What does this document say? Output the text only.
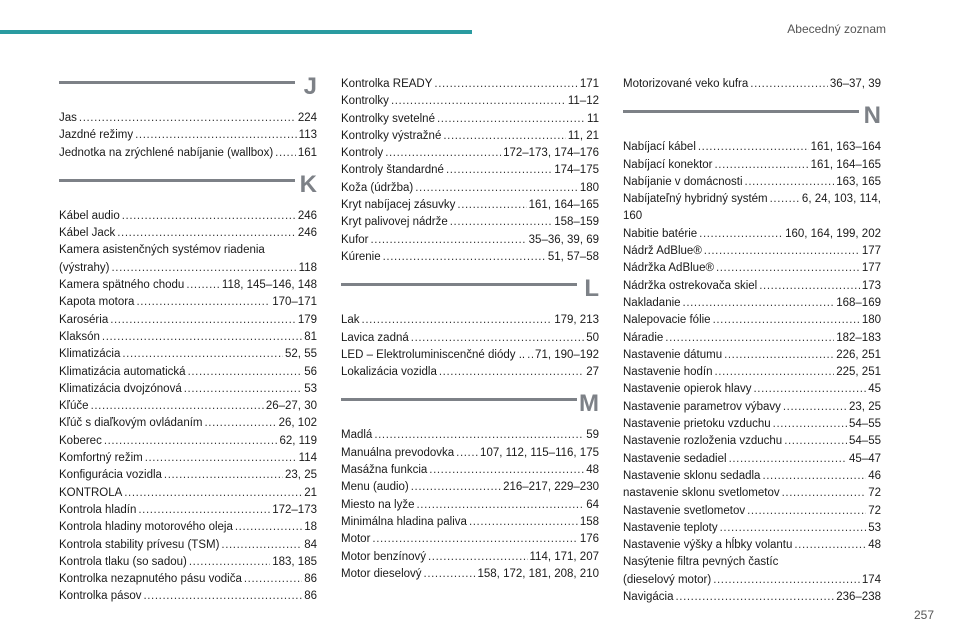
Abecedný zoznam
J
Jas .....	224
Jazdné režimy .....	113
Jednotka na zrýchlené nabíjanie (wallbox) ..... 161
K
Kábel audio .....	246
Kábel Jack .....	246
Kamera asistenčných systémov riadenia
(výstrahy) .....	118
Kamera spätného chodu .....	118, 145–146, 148
Kapota motora .....	170–171
Karoséria .....	179
Klaksón .....	81
Klimatizácia .....	52, 55
Klimatizácia automatická .....	56
Klimatizácia dvojzónová .....	53
Kľúče .....	26–27, 30
Kľúč s diaľkovým ovládaním .....	26, 102
Koberec .....	62, 119
Komfortný režim .....	114
Konfigurácia vozidla .....	23, 25
KONTROLA .....	21
Kontrola hladín .....	172–173
Kontrola hladiny motorového oleja .....	18
Kontrola stability prívesu (TSM) .....	84
Kontrola tlaku (so sadou) .....	183, 185
Kontrolka nezapnutého pásu vodiča .....	86
Kontrolka pásov .....	86
Kontrolka READY .....	171
Kontrolky .....	11–12
Kontrolky svetelné .....	11
Kontrolky výstražné .....	11, 21
Kontroly .....	172–173, 174–176
Kontroly štandardné .....	174–175
Koža (údržba) .....	180
Kryt nabíjacej zásuvky .....	161, 164–165
Kryt palivovej nádrže .....	158–159
Kufor .....	35–36, 39, 69
Kúrenie .....	51, 57–58
L
Lak .....	179, 213
Lavica zadná .....	50
LED – Elektroluminiscenčné diódy .. ..... 71, 190–192
Lokalizácia vozidla .....	27
M
Madlá .....	59
Manuálna prevodovka ..... 107, 112, 115–116, 175
Masážna funkcia .....	48
Menu (audio) .....	216–217, 229–230
Miesto na lyže .....	64
Minimálna hladina paliva .....	158
Motor .....	176
Motor benzínový .....	114, 171, 207
Motor dieselový .....	158, 172, 181, 208, 210
Motorizované veko kufra .....	36–37, 39
N
Nabíjací kábel .....	161, 163–164
Nabíjací konektor .....	161, 164–165
Nabíjanie v domácnosti .....	163, 165
Nabíjateľný hybridný systém .....	6, 24, 103, 114,
160
Nabitie batérie .....	160, 164, 199, 202
Nádrž AdBlue® .....	177
Nádržka AdBlue® .....	177
Nádržka ostrekovača skiel .....	173
Nakladanie .....	168–169
Nalepovacie fólie .....	180
Náradie .....	182–183
Nastavenie dátumu .....	226, 251
Nastavenie hodín .....	225, 251
Nastavenie opierok hlavy .....	45
Nastavenie parametrov výbavy .....	23, 25
Nastavenie prietoku vzduchu .....	54–55
Nastavenie rozloženia vzduchu .....	54–55
Nastavenie sedadiel .....	45–47
Nastavenie sklonu sedadla .....	46
nastavenie sklonu svetlometov .....	72
Nastavenie svetlometov .....	72
Nastavenie teploty .....	53
Nastavenie výšky a hĺbky volantu .....	48
Nasýtenie filtra pevných častíc
(dieselový motor) .....	174
Navigácia .....	236–238
257
